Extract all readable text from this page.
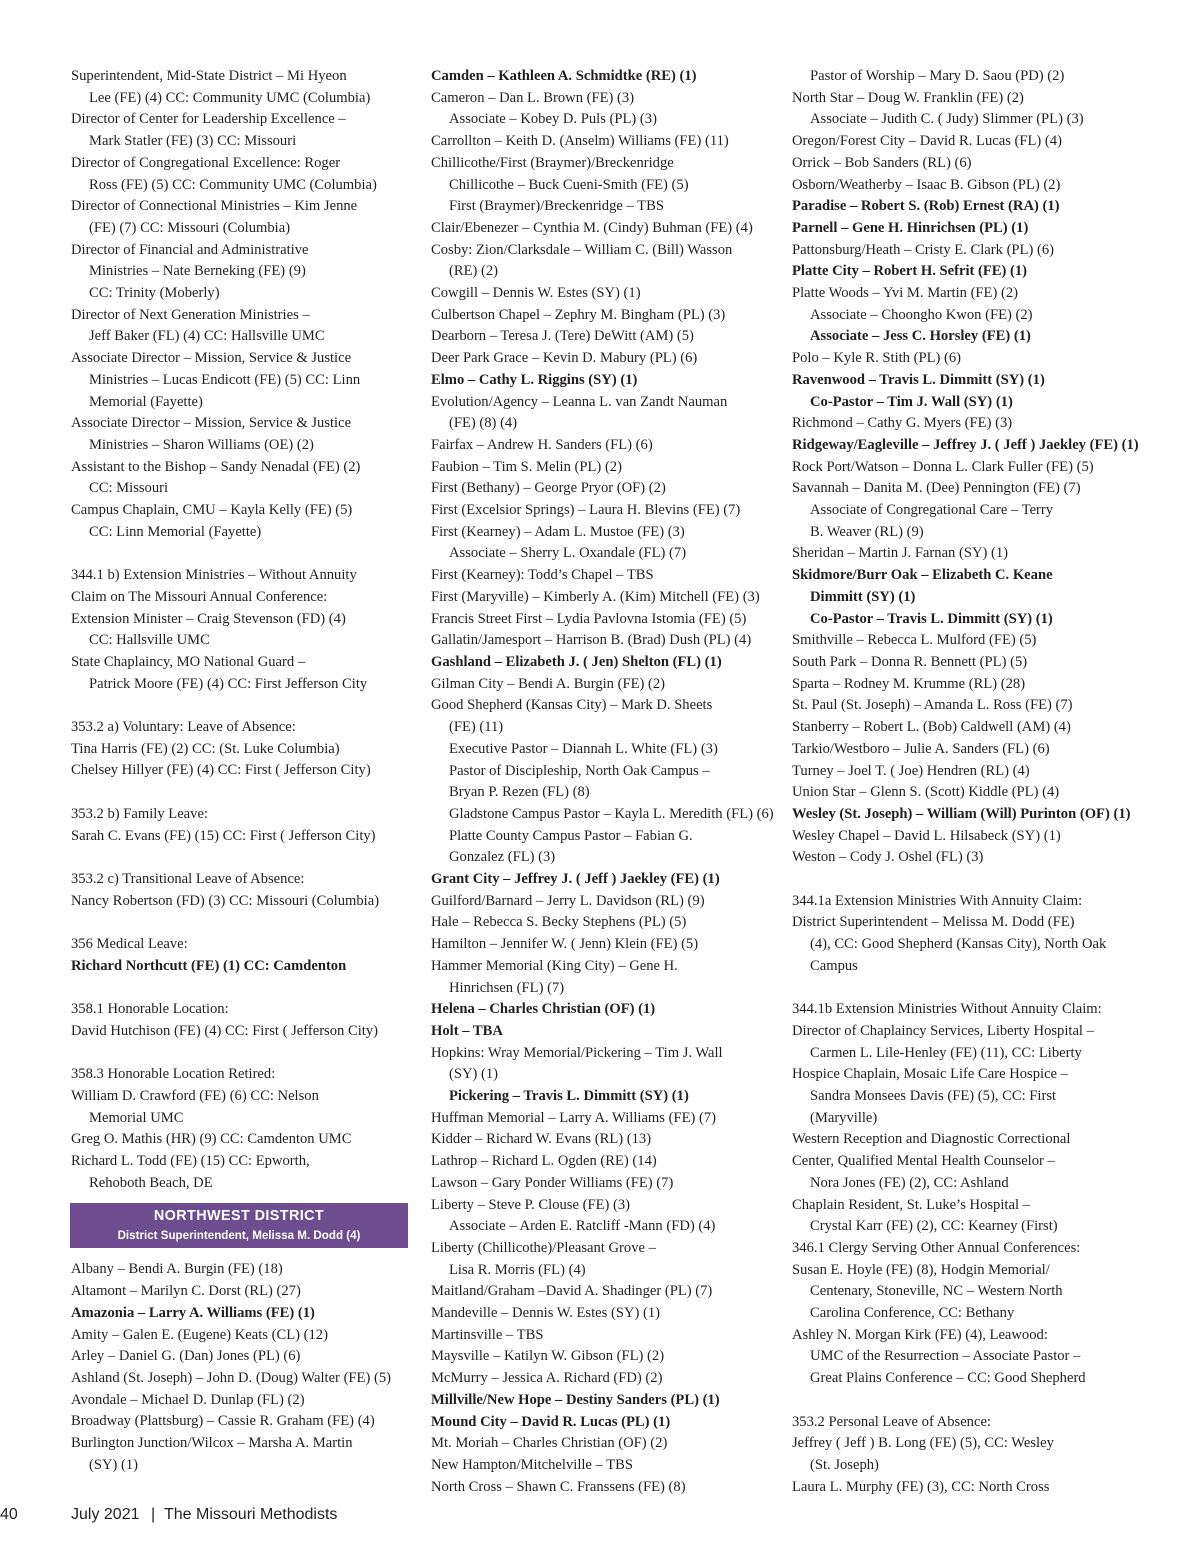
Superintendent, Mid-State District – Mi Hyeon
Lee (FE) (4) CC: Community UMC (Columbia)
Director of Center for Leadership Excellence –
Mark Statler (FE) (3) CC: Missouri
Director of Congregational Excellence: Roger
Ross (FE) (5) CC: Community UMC (Columbia)
Director of Connectional Ministries – Kim Jenne
(FE) (7) CC: Missouri (Columbia)
Director of Financial and Administrative
Ministries – Nate Berneking (FE) (9)
CC: Trinity (Moberly)
Director of Next Generation Ministries –
Jeff Baker (FL) (4) CC: Hallsville UMC
Associate Director – Mission, Service & Justice
Ministries – Lucas Endicott (FE) (5) CC: Linn
Memorial (Fayette)
Associate Director – Mission, Service & Justice
Ministries – Sharon Williams (OE) (2)
Assistant to the Bishop – Sandy Nenadal (FE) (2)
CC: Missouri
Campus Chaplain, CMU – Kayla Kelly (FE) (5)
CC: Linn Memorial (Fayette)
344.1 b) Extension Ministries – Without Annuity
Claim on The Missouri Annual Conference:
Extension Minister – Craig Stevenson (FD) (4)
CC: Hallsville UMC
State Chaplaincy, MO National Guard –
Patrick Moore (FE) (4) CC: First Jefferson City
353.2 a) Voluntary: Leave of Absence:
Tina Harris (FE) (2) CC: (St. Luke Columbia)
Chelsey Hillyer (FE) (4) CC: First ( Jefferson City)
353.2 b) Family Leave:
Sarah C. Evans (FE) (15) CC: First ( Jefferson City)
353.2 c) Transitional Leave of Absence:
Nancy Robertson (FD) (3) CC: Missouri (Columbia)
356 Medical Leave:
Richard Northcutt (FE) (1) CC: Camdenton
358.1 Honorable Location:
David Hutchison (FE) (4) CC: First ( Jefferson City)
358.3 Honorable Location Retired:
William D. Crawford (FE) (6) CC: Nelson
Memorial UMC
Greg O. Mathis (HR) (9) CC: Camdenton UMC
Richard L. Todd (FE) (15) CC: Epworth,
Rehoboth Beach, DE
NORTHWEST DISTRICT
District Superintendent, Melissa M. Dodd (4)
Albany – Bendi A. Burgin (FE) (18)
Altamont – Marilyn C. Dorst (RL) (27)
Amazonia – Larry A. Williams (FE) (1)
Amity – Galen E. (Eugene) Keats (CL) (12)
Arley – Daniel G. (Dan) Jones (PL) (6)
Ashland (St. Joseph) – John D. (Doug) Walter (FE) (5)
Avondale – Michael D. Dunlap (FL) (2)
Broadway (Plattsburg) – Cassie R. Graham (FE) (4)
Burlington Junction/Wilcox – Marsha A. Martin
(SY) (1)
Camden – Kathleen A. Schmidtke (RE) (1)
Cameron – Dan L. Brown (FE) (3)
Associate – Kobey D. Puls (PL) (3)
Carrollton – Keith D. (Anselm) Williams (FE) (11)
Chillicothe/First (Braymer)/Breckenridge
Chillicothe – Buck Cueni-Smith (FE) (5)
First (Braymer)/Breckenridge – TBS
Clair/Ebenezer – Cynthia M. (Cindy) Buhman (FE) (4)
Cosby: Zion/Clarksdale – William C. (Bill) Wasson
(RE) (2)
Cowgill – Dennis W. Estes (SY) (1)
Culbertson Chapel – Zephry M. Bingham (PL) (3)
Dearborn – Teresa J. (Tere) DeWitt (AM) (5)
Deer Park Grace – Kevin D. Mabury (PL) (6)
Elmo – Cathy L. Riggins (SY) (1)
Evolution/Agency – Leanna L. van Zandt Nauman
(FE) (8) (4)
Fairfax – Andrew H. Sanders (FL) (6)
Faubion – Tim S. Melin (PL) (2)
First (Bethany) – George Pryor (OF) (2)
First (Excelsior Springs) – Laura H. Blevins (FE) (7)
First (Kearney) – Adam L. Mustoe (FE) (3)
Associate – Sherry L. Oxandale (FL) (7)
First (Kearney): Todd’s Chapel – TBS
First (Maryville) – Kimberly A. (Kim) Mitchell (FE) (3)
Francis Street First – Lydia Pavlovna Istomia (FE) (5)
Gallatin/Jamesport – Harrison B. (Brad) Dush (PL) (4)
Gashland – Elizabeth J. ( Jen) Shelton (FL) (1)
Gilman City – Bendi A. Burgin (FE) (2)
Good Shepherd (Kansas City) – Mark D. Sheets
(FE) (11)
Executive Pastor – Diannah L. White (FL) (3)
Pastor of Discipleship, North Oak Campus –
Bryan P. Rezen (FL) (8)
Gladstone Campus Pastor – Kayla L. Meredith (FL) (6)
Platte County Campus Pastor – Fabian G.
Gonzalez (FL) (3)
Grant City – Jeffrey J. ( Jeff ) Jaekley (FE) (1)
Guilford/Barnard – Jerry L. Davidson (RL) (9)
Hale – Rebecca S. Becky Stephens (PL) (5)
Hamilton – Jennifer W. ( Jenn) Klein (FE) (5)
Hammer Memorial (King City) – Gene H.
Hinrichsen (FL) (7)
Helena – Charles Christian (OF) (1)
Holt – TBA
Hopkins: Wray Memorial/Pickering – Tim J. Wall
(SY) (1)
Pickering – Travis L. Dimmitt (SY) (1)
Huffman Memorial – Larry A. Williams (FE) (7)
Kidder – Richard W. Evans (RL) (13)
Lathrop – Richard L. Ogden (RE) (14)
Lawson – Gary Ponder Williams (FE) (7)
Liberty – Steve P. Clouse (FE) (3)
Associate – Arden E. Ratcliff -Mann (FD) (4)
Liberty (Chillicothe)/Pleasant Grove –
Lisa R. Morris (FL) (4)
Maitland/Graham –David A. Shadinger (PL) (7)
Mandeville – Dennis W. Estes (SY) (1)
Martinsville – TBS
Maysville – Katilyn W. Gibson (FL) (2)
McMurry – Jessica A. Richard (FD) (2)
Millville/New Hope – Destiny Sanders (PL) (1)
Mound City – David R. Lucas (PL) (1)
Mt. Moriah – Charles Christian (OF) (2)
New Hampton/Mitchelville – TBS
North Cross – Shawn C. Franssens (FE) (8)
Pastor of Worship – Mary D. Saou (PD) (2)
North Star – Doug W. Franklin (FE) (2)
Associate – Judith C. ( Judy) Slimmer (PL) (3)
Oregon/Forest City – David R. Lucas (FL) (4)
Orrick – Bob Sanders (RL) (6)
Osborn/Weatherby – Isaac B. Gibson (PL) (2)
Paradise – Robert S. (Rob) Ernest (RA) (1)
Parnell – Gene H. Hinrichsen (PL) (1)
Pattonsburg/Heath – Cristy E. Clark (PL) (6)
Platte City – Robert H. Sefrit (FE) (1)
Platte Woods – Yvi M. Martin (FE) (2)
Associate – Choongho Kwon (FE) (2)
Associate – Jess C. Horsley (FE) (1)
Polo – Kyle R. Stith (PL) (6)
Ravenwood – Travis L. Dimmitt (SY) (1)
Co-Pastor – Tim J. Wall (SY) (1)
Richmond – Cathy G. Myers (FE) (3)
Ridgeway/Eagleville – Jeffrey J. ( Jeff ) Jaekley (FE) (1)
Rock Port/Watson – Donna L. Clark Fuller (FE) (5)
Savannah – Danita M. (Dee) Pennington (FE) (7)
Associate of Congregational Care – Terry
B. Weaver (RL) (9)
Sheridan – Martin J. Farnan (SY) (1)
Skidmore/Burr Oak – Elizabeth C. Keane
Dimmitt (SY) (1)
Co-Pastor – Travis L. Dimmitt (SY) (1)
Smithville – Rebecca L. Mulford (FE) (5)
South Park – Donna R. Bennett (PL) (5)
Sparta – Rodney M. Krumme (RL) (28)
St. Paul (St. Joseph) – Amanda L. Ross (FE) (7)
Stanberry – Robert L. (Bob) Caldwell (AM) (4)
Tarkio/Westboro – Julie A. Sanders (FL) (6)
Turney – Joel T. ( Joe) Hendren (RL) (4)
Union Star – Glenn S. (Scott) Kiddle (PL) (4)
Wesley (St. Joseph) – William (Will) Purinton (OF) (1)
Wesley Chapel – David L. Hilsabeck (SY) (1)
Weston – Cody J. Oshel (FL) (3)
344.1a Extension Ministries With Annuity Claim:
District Superintendent – Melissa M. Dodd (FE)
(4), CC: Good Shepherd (Kansas City), North Oak
Campus
344.1b Extension Ministries Without Annuity Claim:
Director of Chaplaincy Services, Liberty Hospital –
Carmen L. Lile-Henley (FE) (11), CC: Liberty
Hospice Chaplain, Mosaic Life Care Hospice –
Sandra Monsees Davis (FE) (5), CC: First
(Maryville)
Western Reception and Diagnostic Correctional
Center, Qualified Mental Health Counselor –
Nora Jones (FE) (2), CC: Ashland
Chaplain Resident, St. Luke’s Hospital –
Crystal Karr (FE) (2), CC: Kearney (First)
346.1 Clergy Serving Other Annual Conferences:
Susan E. Hoyle (FE) (8), Hodgin Memorial/
Centenary, Stoneville, NC – Western North
Carolina Conference, CC: Bethany
Ashley N. Morgan Kirk (FE) (4), Leawood:
UMC of the Resurrection – Associate Pastor –
Great Plains Conference – CC: Good Shepherd
353.2 Personal Leave of Absence:
Jeffrey ( Jeff ) B. Long (FE) (5), CC: Wesley
(St. Joseph)
Laura L. Murphy (FE) (3), CC: North Cross
40	July 2021 | The Missouri Methodists
